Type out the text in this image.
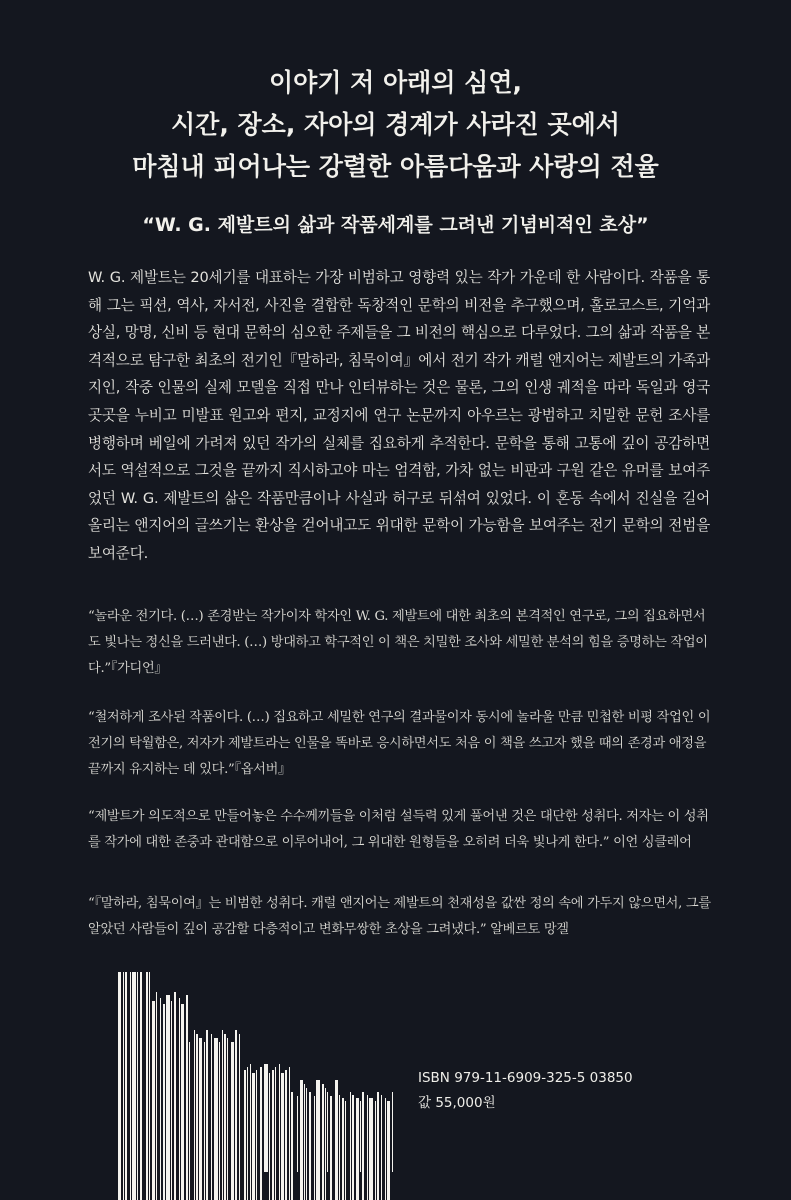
이야기 저 아래의 심연,
시간, 장소, 자아의 경계가 사라진 곳에서
마침내 피어나는 강렬한 아름다움과 사랑의 전율
“W. G. 제발트의 삶과 작품세계를 그려낸 기념비적인 초상”
W. G. 제발트는 20세기를 대표하는 가장 비범하고 영향력 있는 작가 가운데 한 사람이다. 작품을 통해 그는 픽션, 역사, 자서전, 사진을 결합한 독창적인 문학의 비전을 추구했으며, 홀로코스트, 기억과 상실, 망명, 신비 등 현대 문학의 심오한 주제들을 그 비전의 핵심으로 다루었다. 그의 삶과 작품을 본격적으로 탐구한 최초의 전기인『말하라, 침묵이여』에서 전기 작가 캐럴 앤지어는 제발트의 가족과 지인, 작중 인물의 실제 모델을 직접 만나 인터뷰하는 것은 물론, 그의 인생 궤적을 따라 독일과 영국 곳곳을 누비고 미발표 원고와 편지, 교정지에 연구 논문까지 아우르는 광범하고 치밀한 문헌 조사를 병행하며 베일에 가려져 있던 작가의 실체를 집요하게 추적한다. 문학을 통해 고통에 깊이 공감하면서도 역설적으로 그것을 끝까지 직시하고야 마는 엄격함, 가차 없는 비판과 구원 같은 유머를 보여주었던 W. G. 제발트의 삶은 작품만큼이나 사실과 허구로 뒤섞여 있었다. 이 혼동 속에서 진실을 길어 올리는 앤지어의 글쓰기는 환상을 걷어내고도 위대한 문학이 가능함을 보여주는 전기 문학의 전범을 보여준다.
“놀라운 전기다. (…) 존경받는 작가이자 학자인 W. G. 제발트에 대한 최초의 본격적인 연구로, 그의 집요하면서도 빛나는 정신을 드러낸다. (…) 방대하고 학구적인 이 책은 치밀한 조사와 세밀한 분석의 힘을 증명하는 작업이다.”『가디언』
“철저하게 조사된 작품이다. (…) 집요하고 세밀한 연구의 결과물이자 동시에 놀라울 만큼 민첩한 비평 작업인 이 전기의 탁월함은, 저자가 제발트라는 인물을 똑바로 응시하면서도 처음 이 책을 쓰고자 했을 때의 존경과 애정을 끝까지 유지하는 데 있다.”『옵서버』
“제발트가 의도적으로 만들어놓은 수수께끼들을 이처럼 설득력 있게 풀어낸 것은 대단한 성취다. 저자는 이 성취를 작가에 대한 존중과 관대함으로 이루어내어, 그 위대한 원형들을 오히려 더욱 빛나게 한다.” 이언 싱클레어
“『말하라, 침묵이여』는 비범한 성취다. 캐럴 앤지어는 제발트의 천재성을 값싼 정의 속에 가두지 않으면서, 그를 알았던 사람들이 깊이 공감할 다층적이고 변화무쌍한 초상을 그려냈다.” 알베르토 망겔
ISBN 979-11-6909-325-5 03850
값 55,000원
